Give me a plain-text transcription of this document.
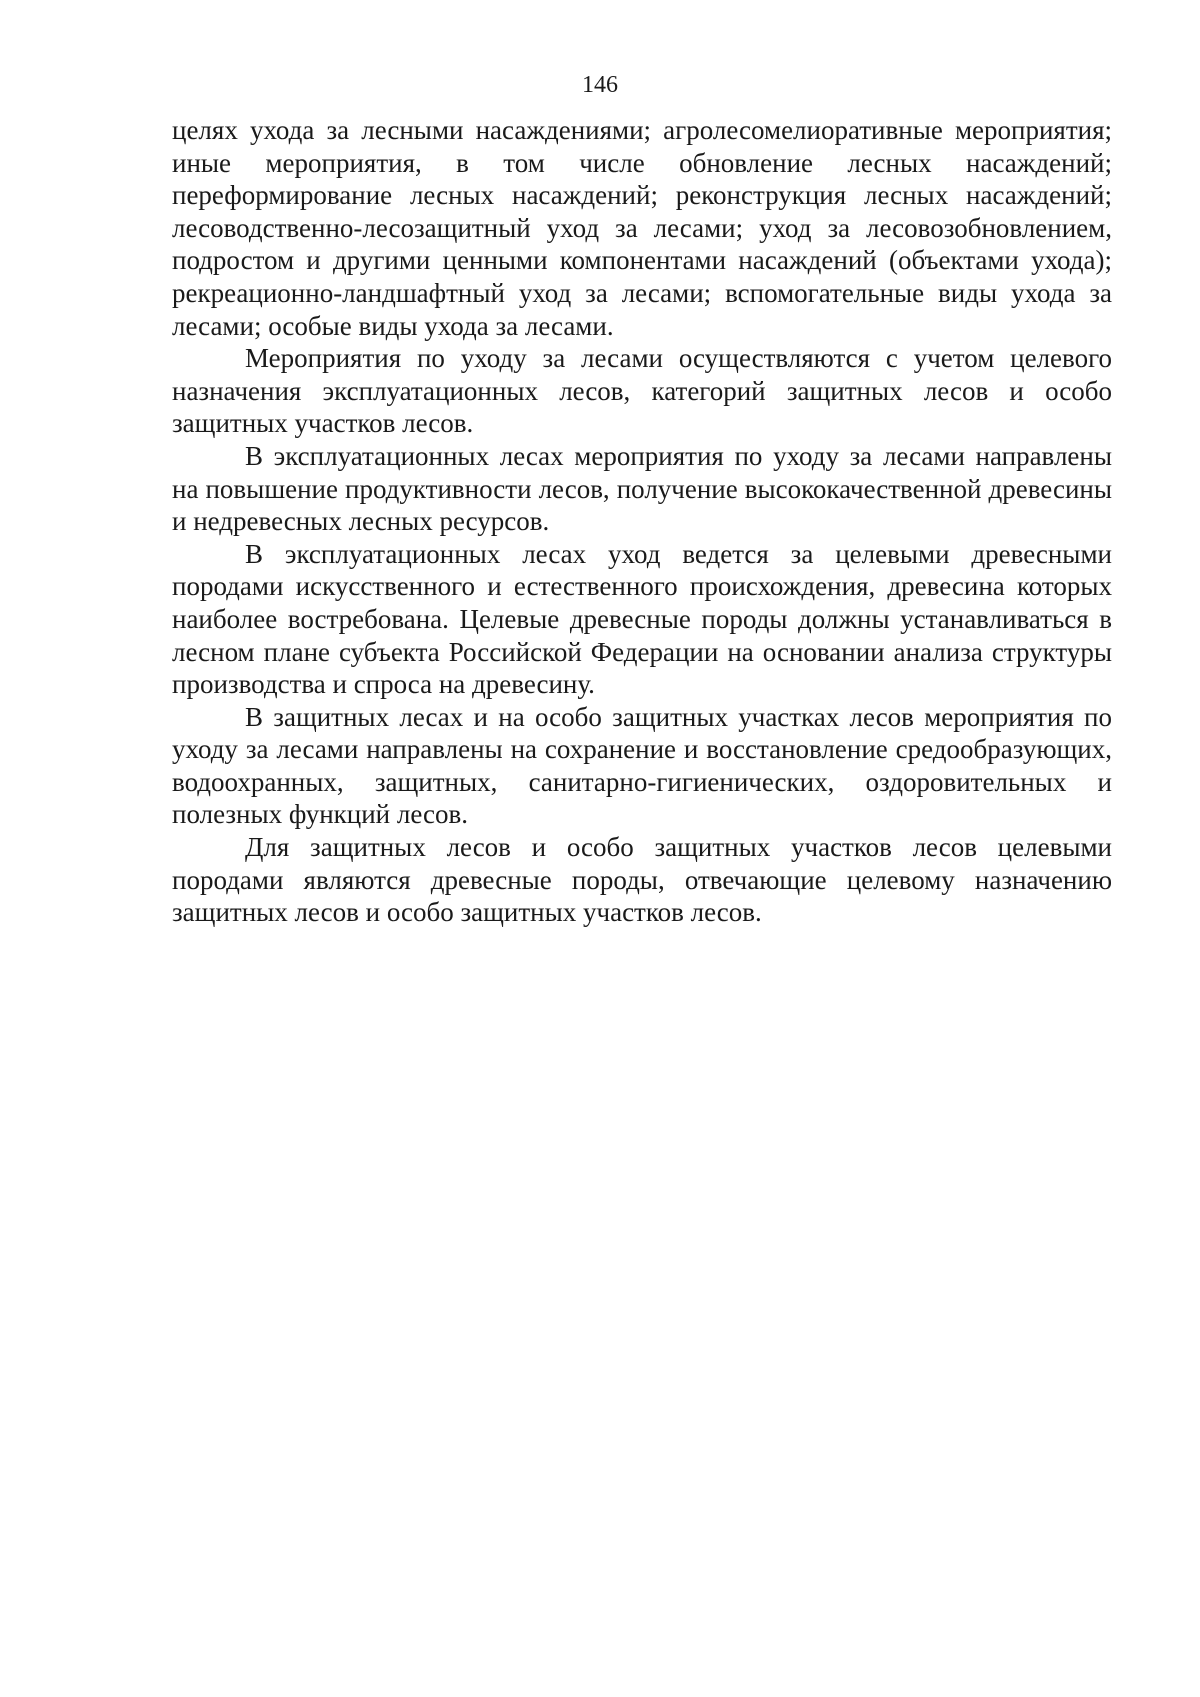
146

целях ухода за лесными насаждениями; агролесомелиоративные мероприятия; иные мероприятия, в том числе обновление лесных насаждений; переформирование лесных насаждений; реконструкция лесных насаждений; лесоводственно-лесозащитный уход за лесами; уход за лесовозобновлением, подростом и другими ценными компонентами насаждений (объектами ухода); рекреационно-ландшафтный уход за лесами; вспомогательные виды ухода за лесами; особые виды ухода за лесами.

Мероприятия по уходу за лесами осуществляются с учетом целевого назначения эксплуатационных лесов, категорий защитных лесов и особо защитных участков лесов.

В эксплуатационных лесах мероприятия по уходу за лесами направлены на повышение продуктивности лесов, получение высококачественной древесины и недревесных лесных ресурсов.

В эксплуатационных лесах уход ведется за целевыми древесными породами искусственного и естественного происхождения, древесина которых наиболее востребована. Целевые древесные породы должны устанавливаться в лесном плане субъекта Российской Федерации на основании анализа структуры производства и спроса на древесину.

В защитных лесах и на особо защитных участках лесов мероприятия по уходу за лесами направлены на сохранение и восстановление средообразующих, водоохранных, защитных, санитарно-гигиенических, оздоровительных и полезных функций лесов.

Для защитных лесов и особо защитных участков лесов целевыми породами являются древесные породы, отвечающие целевому назначению защитных лесов и особо защитных участков лесов.
